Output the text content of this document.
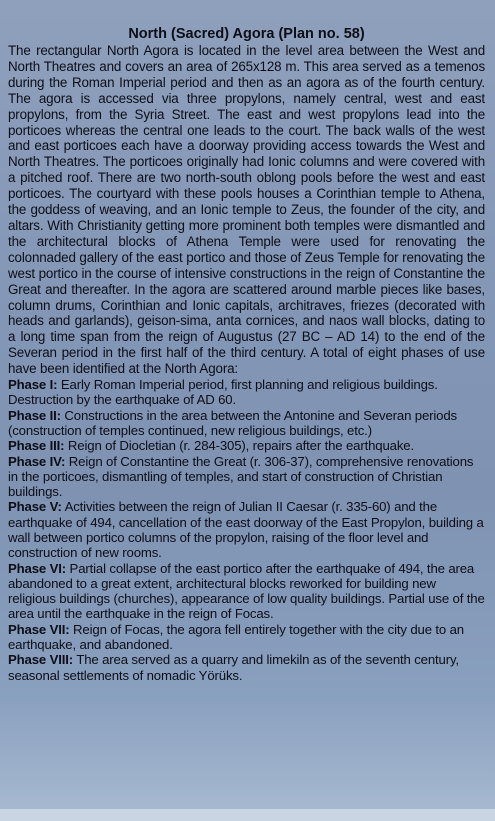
North (Sacred) Agora (Plan no. 58)

The rectangular North Agora is located in the level area between the West and North Theatres and covers an area of 265x128 m. This area served as a temenos during the Roman Imperial period and then as an agora as of the fourth century. The agora is accessed via three propylons, namely central, west and east propylons, from the Syria Street. The east and west propylons lead into the porticoes whereas the central one leads to the court. The back walls of the west and east porticoes each have a doorway providing access towards the West and North Theatres. The porticoes originally had Ionic columns and were covered with a pitched roof. There are two north-south oblong pools before the west and east porticoes. The courtyard with these pools houses a Corinthian temple to Athena, the goddess of weaving, and an Ionic temple to Zeus, the founder of the city, and altars. With Christianity getting more prominent both temples were dismantled and the architectural blocks of Athena Temple were used for renovating the colonnaded gallery of the east portico and those of Zeus Temple for renovating the west portico in the course of intensive constructions in the reign of Constantine the Great and thereafter. In the agora are scattered around marble pieces like bases, column drums, Corinthian and Ionic capitals, architraves, friezes (decorated with heads and garlands), geison-sima, anta cornices, and naos wall blocks, dating to a long time span from the reign of Augustus (27 BC – AD 14) to the end of the Severan period in the first half of the third century. A total of eight phases of use have been identified at the North Agora:

Phase I: Early Roman Imperial period, first planning and religious buildings. Destruction by the earthquake of AD 60.

Phase II: Constructions in the area between the Antonine and Severan periods (construction of temples continued, new religious buildings, etc.)

Phase III: Reign of Diocletian (r. 284-305), repairs after the earthquake.

Phase IV: Reign of Constantine the Great (r. 306-37), comprehensive renovations in the porticoes, dismantling of temples, and start of construction of Christian buildings.

Phase V: Activities between the reign of Julian II Caesar (r. 335-60) and the earthquake of 494, cancellation of the east doorway of the East Propylon, building a wall between portico columns of the propylon, raising of the floor level and construction of new rooms.

Phase VI: Partial collapse of the east portico after the earthquake of 494, the area abandoned to a great extent, architectural blocks reworked for building new religious buildings (churches), appearance of low quality buildings. Partial use of the area until the earthquake in the reign of Focas.

Phase VII: Reign of Focas, the agora fell entirely together with the city due to an earthquake, and abandoned.

Phase VIII: The area served as a quarry and limekiln as of the seventh century, seasonal settlements of nomadic Yörüks.
